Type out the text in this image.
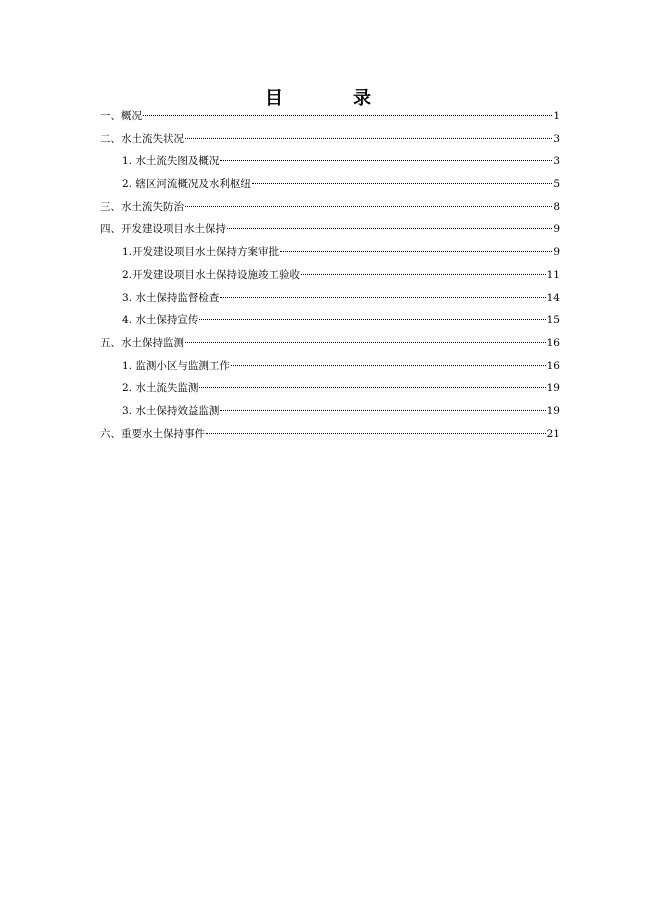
目　录
一、概况	1
二、水土流失状况	3
1. 水土流失图及概况	3
2. 辖区河流概况及水利枢纽	5
三、水土流失防治	8
四、开发建设项目水土保持	9
1.开发建设项目水土保持方案审批	9
2.开发建设项目水土保持设施竣工验收	11
3. 水土保持监督检查	14
4. 水土保持宣传	15
五、水土保持监测	16
1. 监测小区与监测工作	16
2. 水土流失监测	19
3. 水土保持效益监测	19
六、重要水土保持事件	21
